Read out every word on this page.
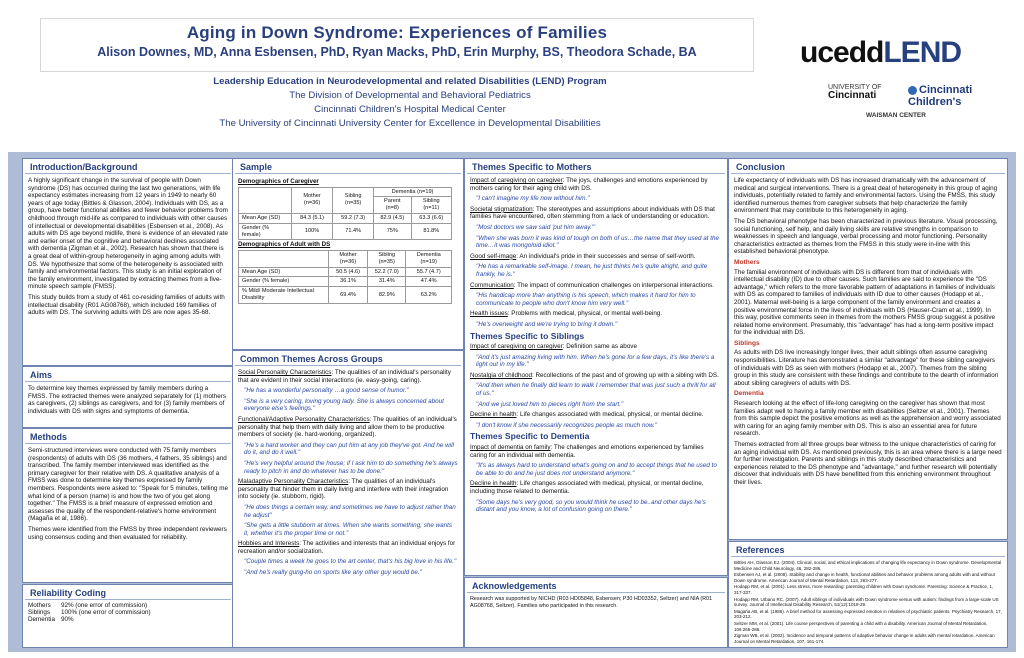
Aging in Down Syndrome: Experiences of Families
Alison Downes, MD, Anna Esbensen, PhD, Ryan Macks, PhD, Erin Murphy, BS, Theodora Schade, BA
Leadership Education in Neurodevelopmental and related Disabilities (LEND) Program
The Division of Developmental and Behavioral Pediatrics
Cincinnati Children's Hospital Medical Center
The University of Cincinnati University Center for Excellence in Developmental Disabilities
uceddLEND
UNIVERSITY OF
Cincinnati	Cincinnati
Children's
WAISMAN CENTER
Introduction/Background

A highly significant change in the survival of people with Down syndrome (DS) has occurred during the last two generations, with life expectancy estimates increasing from 12 years in 1949 to nearly 60 years of age today (Bittles & Glasson, 2004). Individuals with DS, as a group, have better functional abilities and fewer behavior problems from childhood through mid-life as compared to individuals with other causes of intellectual or developmental disabilities (Esbensen et al., 2008). As adults with DS age beyond midlife, there is evidence of an elevated rate and earlier onset of the cognitive and behavioral declines associated with dementia (Zigman et al., 2002). Research has shown that there is a great deal of within-group heterogeneity in aging among adults with DS. We hypothesize that some of the heterogeneity is associated with family and environmental factors. This study is an initial exploration of the family environment, investigated by extracting themes from a five-minute speech sample (FMSS).

This study builds from a study of 461 co-residing families of adults with intellectual disability (R01 AG08768), which included 169 families of adults with DS. The surviving adults with DS are now ages 35-68.

Aims

To determine key themes expressed by family members during a FMSS. The extracted themes were analyzed separately for (1) mothers as caregivers, (2) siblings as caregivers, and for (3) family members of individuals with DS with signs and symptoms of dementia.

Methods

Semi-structured interviews were conducted with 75 family members (respondents) of adults with DS (36 mothers, 4 fathers, 35 siblings) and transcribed. The family member interviewed was identified as the primary caregiver for their relative with DS. A qualitative analysis of a FMSS was done to determine key themes expressed by family members. Respondents were asked to: "Speak for 5 minutes, telling me what kind of a person (name) is and how the two of you get along together." The FMSS is a brief measure of expressed emotion and assesses the quality of the respondent-relative's home environment (Magaña et al, 1986).

Themes were identified from the FMSS by three independent reviewers using consensus coding and then evaluated for reliability.

Reliability Coding
Mothers	92% (one error of commission)
Siblings	100% (one error of commission)
Dementia	90%
Sample
Demographics of Caregiver
	Mother (n=36)	Sibling (n=35)	Dementia (n=19)	
			Parent (n=8)	Sibling (n=11)
Mean Age (SD)	84.3 (5.1)	59.2 (7.3)	82.9 (4.5)	63.3 (6.6)
Gender (% female)	100%	71.4%	75%	81.8%
Demographics of Adult with DS
	Mother (n=36)	Sibling (n=35)	Dementia (n=19)
Mean Age (SD)	50.5 (4.6)	52.2 (7.0)	55.7 (4.7)
Gender (% female)	36.1%	31.4%	47.4%
% Mild/ Moderate Intellectual Disability	69.4%	82.9%	63.2%
Common Themes Across Groups

Social Personality Characteristics: The qualities of an individual's personality that are evident in their social interactions (ie. easy-going, caring).

"He has a wonderful personality …a good sense of humor."

"She is a very caring, loving young lady. She is always concerned about everyone else's feelings."

Functional/Adaptive Personality Characteristics: The qualities of an individual's personality that help them with daily living and allow them to be productive members of society (ie. hard-working, organized).

"He's a hard worker and they can put him at any job they've got. And he will do it, and do it well."

"He's very helpful around the house; if I ask him to do something he's always ready to pitch in and do whatever has to be done."

Maladaptive Personality Characteristics: The qualities of an individual's personality that hinder them in daily living and interfere with their integration into society (ie. stubborn, rigid).

"He does things a certain way, and sometimes we have to adjust rather than he adjust"

"She gets a little stubborn at times. When she wants something, she wants it, whether it's the proper time or not."

Hobbies and Interests: The activities and interests that an individual enjoys for recreation and/or socialization.

"Couple times a week he goes to the art center, that's his big love in his life."

"And he's really gung-ho on sports like any other guy would be."

Themes Specific to Mothers

Impact of caregiving on caregiver: The joys, challenges and emotions experienced by mothers caring for their aging child with DS.

"I can't imagine my life now without him."

Societal stigmatization: The stereotypes and assumptions about individuals with DS that families have encountered, often stemming from a lack of understanding or education.

"Most doctors we saw said 'put him away.'"

"When she was born it was kind of tough on both of us…the name that they used at the time…it was mongoloid idiot."

Good self-image: An individual's pride in their successes and sense of self-worth.

"He has a remarkable self-image. I mean, he just thinks he's quite alright, and quite frankly, he is."

Communication: The impact of communication challenges on interpersonal interactions.

"His handicap more than anything is his speech, which makes it hard for him to communicate to people who don't know him very well."

Health issues: Problems with medical, physical, or mental well-being.

"He's overweight and we're trying to bring it down."

Themes Specific to Siblings

Impact of caregiving on caregiver: Definition same as above

"And it's just amazing living with him. When he's gone for a few days, it's like there's a light out in my life."

Nostalgia of childhood: Recollections of the past and of growing up with a sibling with DS.

"And then when he finally did learn to walk I remember that was just such a thrill for all of us."

"And we just loved him to pieces right from the start."

Decline in health: Life changes associated with medical, physical, or mental decline.

"I don't know if she necessarily recognizes people as much now."

Themes Specific to Dementia

Impact of dementia on family: The challenges and emotions experienced by families caring for an individual with dementia.

"It's as always hard to understand what's going on and to accept things that he used to be able to do and he just does not understand anymore."

Decline in health: Life changes associated with medical, physical, or mental decline, including those related to dementia.

"Some days he's very good, so you would think he used to be..and other days he's distant and you know, a lot of confusion going on there."

Acknowledgements

Research was supported by NICHD (R03 HD05848, Esbensen; P30 HD03352, Seltzer) and NIA (R01 AG08768, Seltzer). Families who participated in this research.

Conclusion

Life expectancy of individuals with DS has increased dramatically with the advancement of medical and surgical interventions. There is a great deal of heterogeneity in this group of aging individuals, potentially related to family and environmental factors. Using the FMSS, this study identified numerous themes from caregiver subsets that help characterize the family environment that may contribute to this heterogeneity in aging.

The DS behavioral phenotype has been characterized in previous literature. Visual processing, social functioning, self help, and daily living skills are relative strengths in comparison to weaknesses in speech and language, verbal processing and motor functioning. Personality characteristics extracted as themes from the FMSS in this study were in-line with this established behavioral phenotype.

Mothers

The familial environment of individuals with DS is different from that of individuals with intellectual disability (ID) due to other causes. Such families are said to experience the "DS advantage," which refers to the more favorable pattern of adaptations in families of individuals with DS as compared to families of individuals with ID due to other causes (Hodapp et al., 2001). Maternal well-being is a large component of the family environment and creates a positive environmental force in the lives of individuals with DS (Hauser-Cram et al., 1999). In this way, positive comments seen in themes from the mothers FMSS group suggest a positive related home environment. Presumably, this "advantage" has had a long-term positive impact for the individual with DS.

Siblings

As adults with DS live increasingly longer lives, their adult siblings often assume caregiving responsibilities. Literature has demonstrated a similar "advantage" for these sibling caregivers of individuals with DS as seen with mothers (Hodapp et al., 2007). Themes from the sibling group in this study are consistent with these findings and contribute to the dearth of information about sibling caregivers of adults with DS.

Dementia

Research looking at the effect of life-long caregiving on the caregiver has shown that most families adapt well to having a family member with disabilities (Seltzer et al., 2001). Themes from this sample depict the positive emotions as well as the apprehension and worry associated with caring for an aging family member with DS. This is also an essential area for future research.

Themes extracted from all three groups bear witness to the unique characteristics of caring for an aging individual with DS. As mentioned previously, this is an area where there is a large need for further investigation. Parents and siblings in this study described characteristics and experiences related to the DS phenotype and "advantage," and further research will potentially discover that individuals with DS have benefitted from this enriching environment throughout their lives.

References

Bittles AH, Glasson EJ. (2004). Clinical, social, and ethical implications of changing life expectancy in Down syndrome. Developmental Medicine and Child Neurology, 46, 282-286.

Esbensen AJ, et al. (2008). Stability and change in health, functional abilities and behavior problems among adults with and without Down syndrome. American Journal of Mental Retardation, 113, 263-277.

Hodapp RM, et al. (2001). Less stress, more rewarding: parenting children with Down syndrome. Parenting: Science & Practice, 1, 317-337.

Hodapp RM, Urbano RC. (2007). Adult siblings of individuals with Down syndrome versus with autism: findings from a large-scale US survey. Journal of Intellectual Disability Research, 51(12):1018-29.

Magaña AB, et al. (1986). A brief method for assessing expressed emotion in relatives of psychiatric patients. Psychiatry Research, 17, 203-212.

Seltzer MM, et al. (2001). Life course perspectives of parenting a child with a disability. American Journal of Mental Retardation, 106:265-286.

Zigman WB, et al. (2002). Incidence and temporal patterns of adaptive behavior change in adults with mental retardation. American Journal on Mental Retardation, 107, 161-174.
